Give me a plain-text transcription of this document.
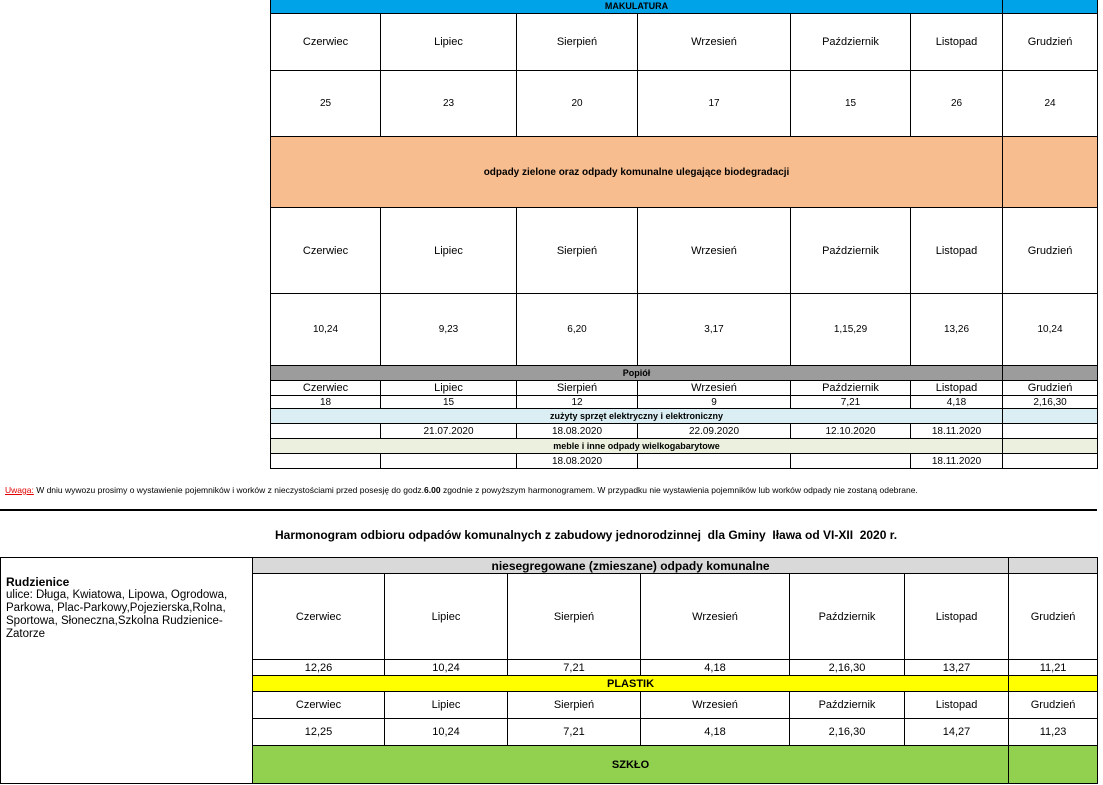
MAKULATURA						
Czerwiec	Lipiec	Sierpień	Wrzesień	Październik	Listopad	Grudzień
25	23	20	17	15	26	24
odpady zielone oraz odpady komunalne ulegające biodegradacji						
Czerwiec	Lipiec	Sierpień	Wrzesień	Październik	Listopad	Grudzień
10,24	9,23	6,20	3,17	1,15,29	13,26	10,24
Popiół						
Czerwiec	Lipiec	Sierpień	Wrzesień	Październik	Listopad	Grudzień
18	15	12	9	7,21	4,18	2,16,30
zużyty sprzęt elektryczny i elektroniczny						
	21.07.2020	18.08.2020	22.09.2020	12.10.2020	18.11.2020	
meble i inne odpady wielkogabarytowe						
		18.08.2020			18.11.2020	
Uwaga: W dniu wywozu prosimy o wystawienie pojemników i worków z nieczystościami przed posesję do godz.6.00 zgodnie z powyższym harmonogramem. W przypadku nie wystawienia pojemników lub worków odpady nie zostaną odebrane.
Harmonogram odbioru odpadów komunalnych z zabudowy jednorodzinnej  dla Gminy  Iława od VI-XII  2020 r.
Rudzienice
ulice: Długa, Kwiatowa, Lipowa, Ogrodowa, Parkowa, Plac-Parkowy,Pojezierska,Rolna, Sportowa, Słoneczna,Szkolna Rudzienice-Zatorze	niesegregowane (zmieszane) odpady komunalne						
	Czerwiec	Lipiec	Sierpień	Wrzesień	Październik	Listopad	Grudzień
	12,26	10,24	7,21	4,18	2,16,30	13,27	11,21
	PLASTIK						
	Czerwiec	Lipiec	Sierpień	Wrzesień	Październik	Listopad	Grudzień
	12,25	10,24	7,21	4,18	2,16,30	14,27	11,23
	SZKŁO						
